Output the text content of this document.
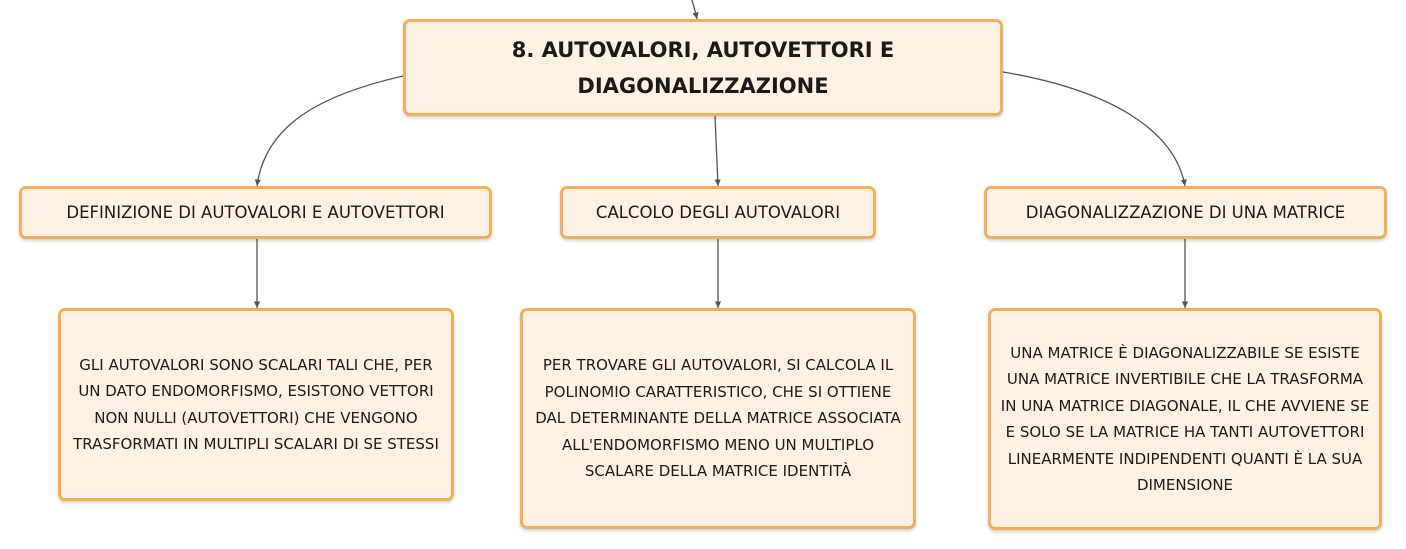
8. AUTOVALORI, AUTOVETTORI E DIAGONALIZZAZIONE
DEFINIZIONE DI AUTOVALORI E AUTOVETTORI	CALCOLO DEGLI AUTOVALORI	DIAGONALIZZAZIONE DI UNA MATRICE
GLI AUTOVALORI SONO SCALARI TALI CHE, PER UN DATO ENDOMORFISMO, ESISTONO VETTORI NON NULLI (AUTOVETTORI) CHE VENGONO TRASFORMATI IN MULTIPLI SCALARI DI SE STESSI
PER TROVARE GLI AUTOVALORI, SI CALCOLA IL POLINOMIO CARATTERISTICO, CHE SI OTTIENE DAL DETERMINANTE DELLA MATRICE ASSOCIATA ALL'ENDOMORFISMO MENO UN MULTIPLO SCALARE DELLA MATRICE IDENTITÀ
UNA MATRICE È DIAGONALIZZABILE SE ESISTE UNA MATRICE INVERTIBILE CHE LA TRASFORMA IN UNA MATRICE DIAGONALE, IL CHE AVVIENE SE E SOLO SE LA MATRICE HA TANTI AUTOVETTORI LINEARMENTE INDIPENDENTI QUANTI È LA SUA DIMENSIONE
